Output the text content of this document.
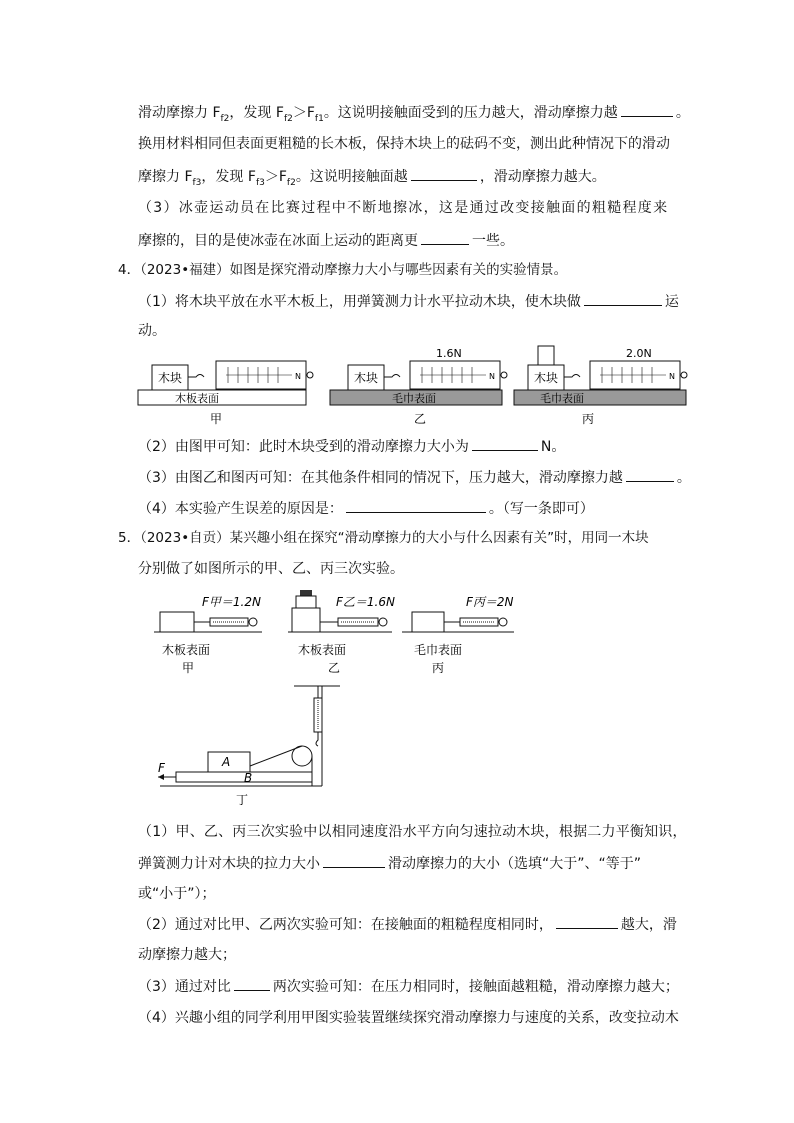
滑动摩擦力 $F_{f2}$，发现 $F_{f2}>F_{f1}$。这说明接触面受到的压力越大，滑动摩擦力越	。
换用材料相同但表面更粗糙的长木板，保持木块上的砝码不变，测出此种情况下的滑动
摩擦力 $F_{f3}$，发现 $F_{f3}>F_{f2}$。这说明接触面越	，滑动摩擦力越大。
（3）冰壶运动员在比赛过程中不断地擦冰，这是通过改变接触面的粗糙程度来
摩擦的，目的是使冰壶在冰面上运动的距离更	一些。
4．（2023•福建）如图是探究滑动摩擦力大小与哪些因素有关的实验情景。
（1）将木块平放在水平木板上，用弹簧测力计水平拉动木块，使木块做	运
动。
木板表面
木块	N
甲
毛巾表面
木块	N
1.6N
乙
毛巾表面
木块	N
2.0N
丙
（2）由图甲可知：此时木块受到的滑动摩擦力大小为	N。
（3）由图乙和图丙可知：在其他条件相同的情况下，压力越大，滑动摩擦力越	。
（4）本实验产生误差的原因是：	。（写一条即可）
5．（2023•自贡）某兴趣小组在探究“滑动摩擦力的大小与什么因素有关”时，用同一木块
分别做了如图所示的甲、乙、丙三次实验。
F甲＝1.2N
木板表面
甲
F乙＝1.6N
木板表面
乙
F丙＝2N
毛巾表面
丙
A
B
F
丁
（1）甲、乙、丙三次实验中以相同速度沿水平方向匀速拉动木块，根据二力平衡知识，
弹簧测力计对木块的拉力大小	滑动摩擦力的大小（选填“大于”、“等于”
或“小于”）；
（2）通过对比甲、乙两次实验可知：在接触面的粗糙程度相同时，	越大，滑
动摩擦力越大；
（3）通过对比	两次实验可知：在压力相同时，接触面越粗糙，滑动摩擦力越大；
（4）兴趣小组的同学利用甲图实验装置继续探究滑动摩擦力与速度的关系，改变拉动木
